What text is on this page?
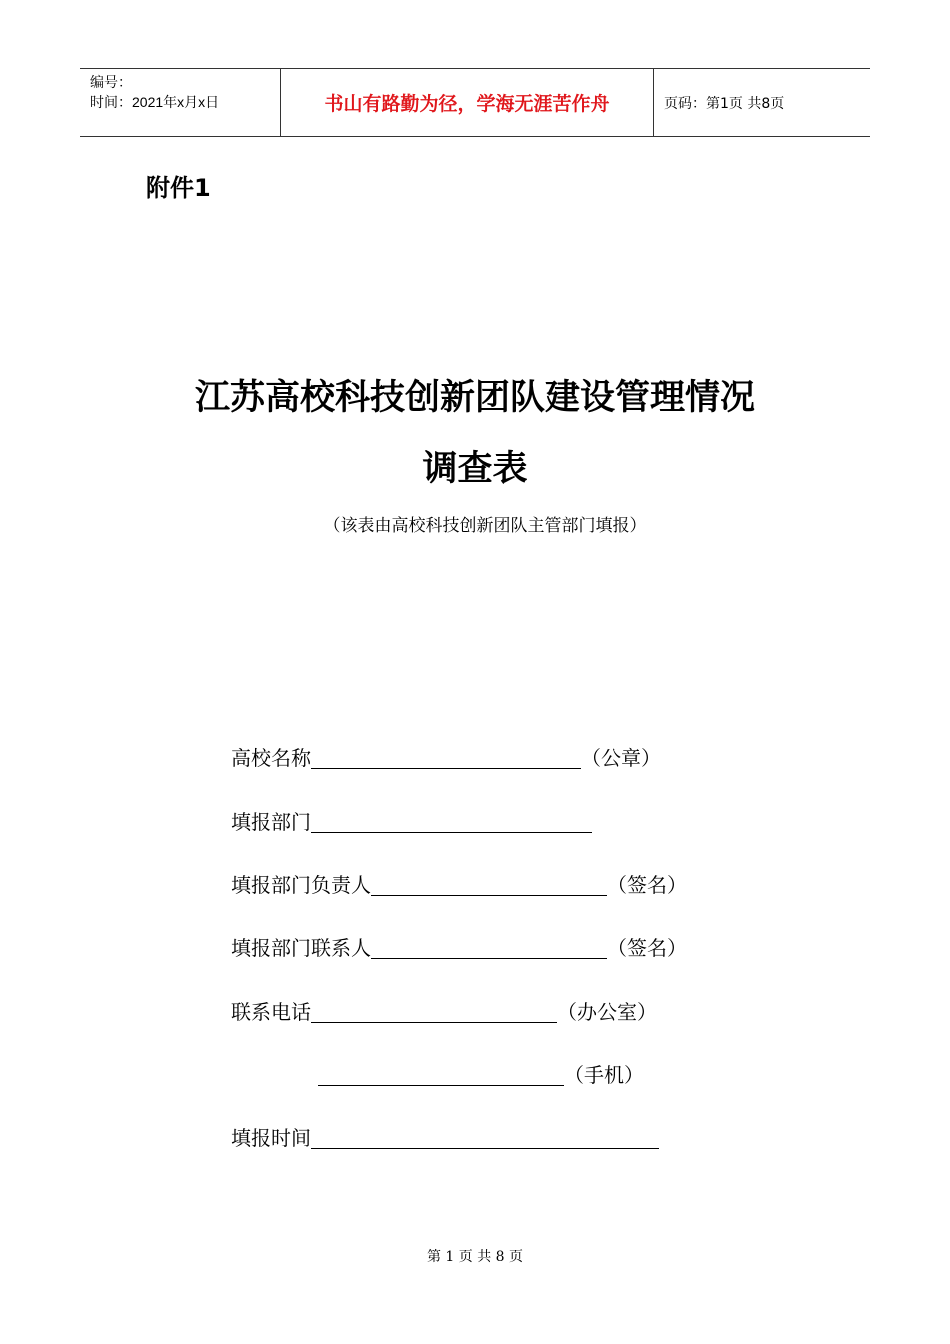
编号：
时间：2021年x月x日	书山有路勤为径，学海无涯苦作舟	页码：第1页 共8页
附件1
江苏高校科技创新团队建设管理情况
调查表
（该表由高校科技创新团队主管部门填报）
高校名称	（公章）
填报部门
填报部门负责人	（签名）
填报部门联系人	（签名）
联系电话	（办公室）
（手机）
填报时间
第 1 页 共 8 页
